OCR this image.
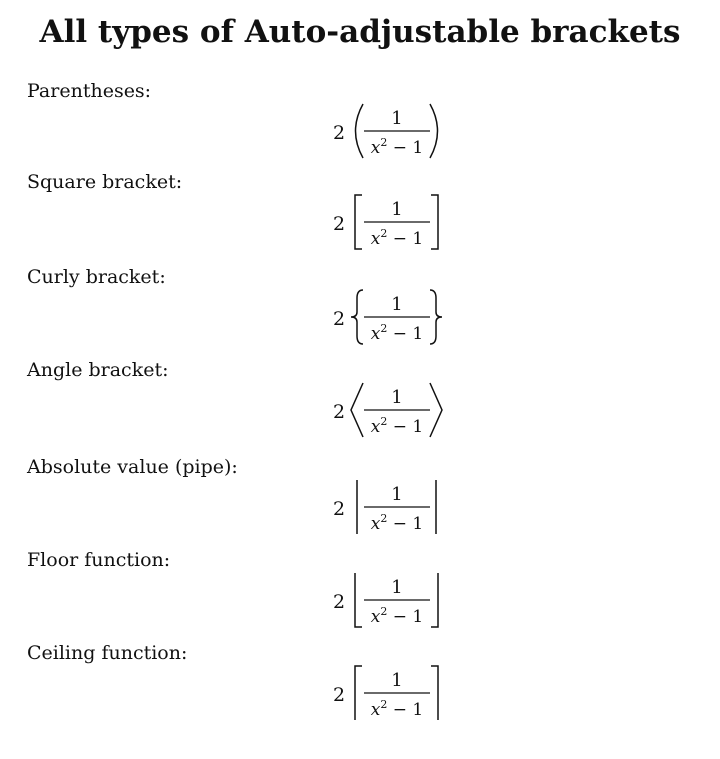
All types of Auto-adjustable brackets
Parentheses:
2
1
$x^2 - 1$
Square bracket:
2
1
$x^2 - 1$
Curly bracket:
2
1
$x^2 - 1$
Angle bracket:
2
1
$x^2 - 1$
Absolute value (pipe):
2
1
$x^2 - 1$
Floor function:
2
1
$x^2 - 1$
Ceiling function:
2
1
$x^2 - 1$
